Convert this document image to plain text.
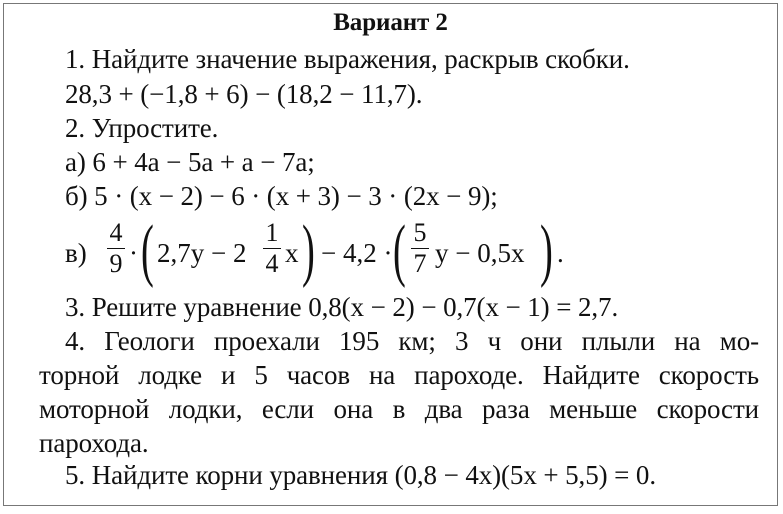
Вариант 2
1. Найдите значение выражения, раскрыв скобки.
28,3 + (−1,8 + 6) − (18,2 − 11,7).
2. Упростите.
а) 6 + 4а − 5а + а − 7а;
б) 5 · (x − 2) − 6 · (x + 3) − 3 · (2x − 9);
в)
4
9 · ( 2,7y − 2
1
4 x ) − 4,2 · ( 5
7 y − 0,5x ) .
3. Решите уравнение 0,8(x − 2) − 0,7(x − 1) = 2,7.
4. Геологи проехали 195 км; 3 ч они плыли на мо-
торной лодке и 5 часов на пароходе. Найдите скорость
моторной лодки, если она в два раза меньше скорости
парохода.
5. Найдите корни уравнения (0,8 − 4x)(5x + 5,5) = 0.
